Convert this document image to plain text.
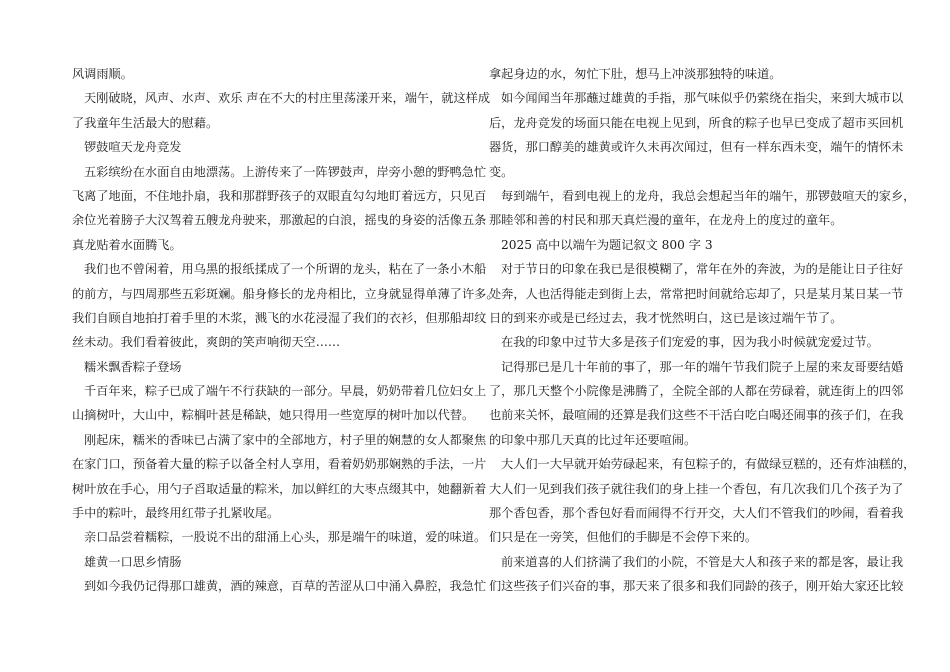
风调雨顺。
天刚破晓，风声、水声、欢乐 声在不大的村庄里荡漾开来，端午，就这样成
了我童年生活最大的慰藉。
锣鼓喧天龙舟竞发
五彩缤纷在水面自由地漂荡。上游传来了一阵锣鼓声，岸旁小憩的野鸭急忙
飞离了地面，不住地扑扇，我和那群野孩子的双眼直勾勾地盯着远方，只见百
余位光着膀子大汉驾着五艘龙舟驶来，那激起的白浪，摇曳的身姿的活像五条
真龙贴着水面腾飞。
我们也不曾闲着，用乌黑的报纸揉成了一个所谓的龙头，粘在了一条小木船
的前方，与四周那些五彩斑斓。船身修长的龙舟相比，立身就显得单薄了许多。
我们自顾自地拍打着手里的木浆，溅飞的水花浸湿了我们的衣衫，但那船却纹
丝未动。我们看着彼此，爽朗的笑声响彻天空……
糯米飘香粽子登场
千百年来，粽子已成了端午不行获缺的一部分。早晨，奶奶带着几位妇女上
山摘树叶，大山中，粽榈叶甚是稀缺，她只得用一些宽厚的树叶加以代替。
刚起床，糯米的香味已占满了家中的全部地方，村子里的娴慧的女人都聚焦
在家门口，预备着大量的粽子以备全村人享用，看着奶奶那娴熟的手法，一片
树叶放在手心，用勺子舀取适量的粽米，加以鲜红的大枣点缀其中，她翻新着
手中的粽叶，最终用红带子扎紧收尾。
亲口品尝着糯粽，一股说不出的甜涌上心头，那是端午的味道，爱的味道。
雄黄一口思乡情肠
到如今我仍记得那口雄黄，酒的辣意，百草的苦涩从口中涌入鼻腔，我急忙
拿起身边的水，匆忙下肚，想马上冲淡那独特的味道。
如今闻闻当年那蘸过雄黄的手指，那气味似乎仍萦绕在指尖，来到大城市以
后，龙舟竞发的场面只能在电视上见到，所食的粽子也早已变成了超市买回机
器货，那口醇美的雄黄或许久未再次闻过，但有一样东西未变，端午的情怀未
变。
每到端午，看到电视上的龙舟，我总会想起当年的端午，那锣鼓喧天的家乡，
那睦邻和善的村民和那天真烂漫的童年，在龙舟上的度过的童年。
2025 高中以端午为题记叙文 800 字 3
对于节日的印象在我已是很模糊了，常年在外的奔波，为的是能让日子往好
处奔，人也活得能走到街上去，常常把时间就给忘却了，只是某月某日某一节
日的到来亦或是已经过去，我才恍然明白，这已是该过端午节了。
在我的印象中过节大多是孩子们宠爱的事，因为我小时候就宠爱过节。
记得那已是几十年前的事了，那一年的端午节我们院子上屋的来友哥要结婚
了，那几天整个小院像是沸腾了，全院全部的人都在劳碌着，就连街上的四邻
也前来关怀，最喧闹的还算是我们这些不干活白吃白喝还闹事的孩子们，在我
的印象中那几天真的比过年还要喧闹。
大人们一大早就开始劳碌起来，有包粽子的，有做绿豆糕的，还有炸油糕的，
大人们一见到我们孩子就往我们的身上挂一个香包，有几次我们几个孩子为了
那个香包香，那个香包好看而闹得不行开交，大人们不管我们的吵闹，看着我
们只是在一旁笑，但他们的手脚是不会停下来的。
前来道喜的人们挤满了我们的小院，不管是大人和孩子来的都是客，最让我
们这些孩子们兴奋的事，那天来了很多和我们同龄的孩子，刚开始大家还比较
